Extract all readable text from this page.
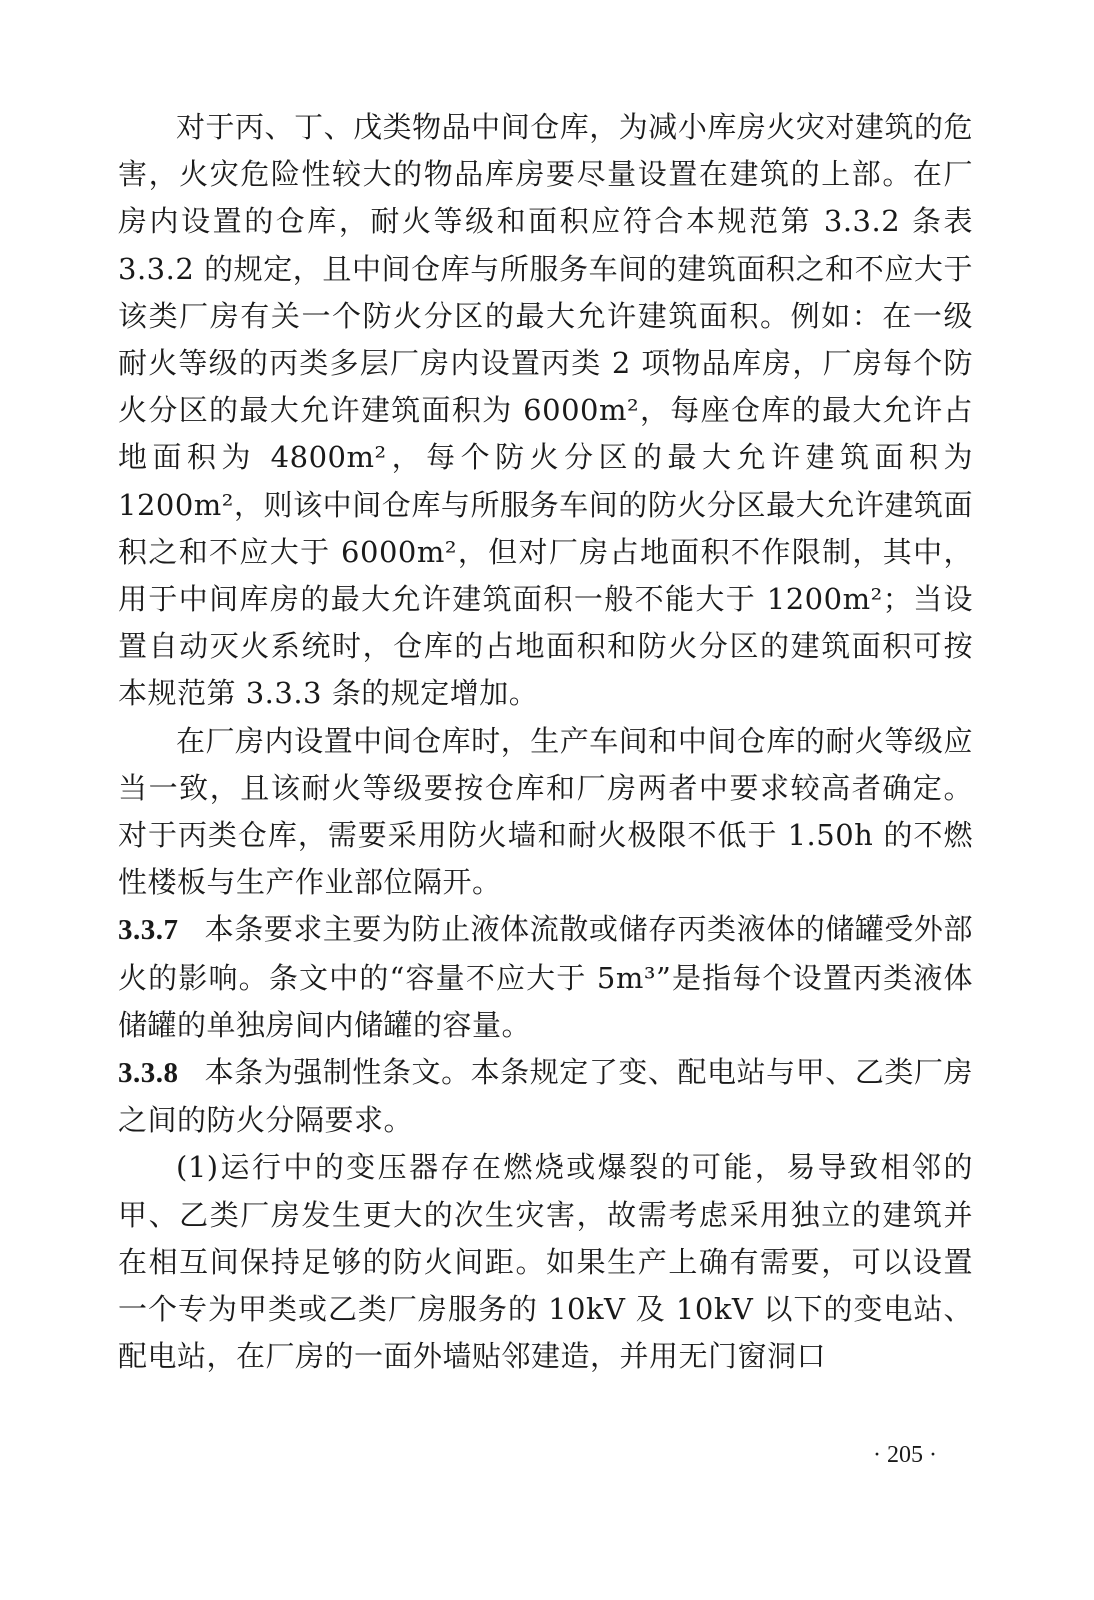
对于丙、丁、戊类物品中间仓库，为减小库房火灾对建筑的危害，火灾危险性较大的物品库房要尽量设置在建筑的上部。在厂房内设置的仓库，耐火等级和面积应符合本规范第 3.3.2 条表 3.3.2 的规定，且中间仓库与所服务车间的建筑面积之和不应大于该类厂房有关一个防火分区的最大允许建筑面积。例如：在一级耐火等级的丙类多层厂房内设置丙类 2 项物品库房，厂房每个防火分区的最大允许建筑面积为 6000m²，每座仓库的最大允许占地面积为 4800m²，每个防火分区的最大允许建筑面积为 1200m²，则该中间仓库与所服务车间的防火分区最大允许建筑面积之和不应大于 6000m²，但对厂房占地面积不作限制，其中，用于中间库房的最大允许建筑面积一般不能大于 1200m²；当设置自动灭火系统时，仓库的占地面积和防火分区的建筑面积可按本规范第 3.3.3 条的规定增加。

在厂房内设置中间仓库时，生产车间和中间仓库的耐火等级应当一致，且该耐火等级要按仓库和厂房两者中要求较高者确定。对于丙类仓库，需要采用防火墙和耐火极限不低于 1.50h 的不燃性楼板与生产作业部位隔开。

3.3.7 本条要求主要为防止液体流散或储存丙类液体的储罐受外部火的影响。条文中的“容量不应大于 5m³”是指每个设置丙类液体储罐的单独房间内储罐的容量。

3.3.8 本条为强制性条文。本条规定了变、配电站与甲、乙类厂房之间的防火分隔要求。

(1)运行中的变压器存在燃烧或爆裂的可能，易导致相邻的甲、乙类厂房发生更大的次生灾害，故需考虑采用独立的建筑并在相互间保持足够的防火间距。如果生产上确有需要，可以设置一个专为甲类或乙类厂房服务的 10kV 及 10kV 以下的变电站、配电站，在厂房的一面外墙贴邻建造，并用无门窗洞口

· 205 ·
